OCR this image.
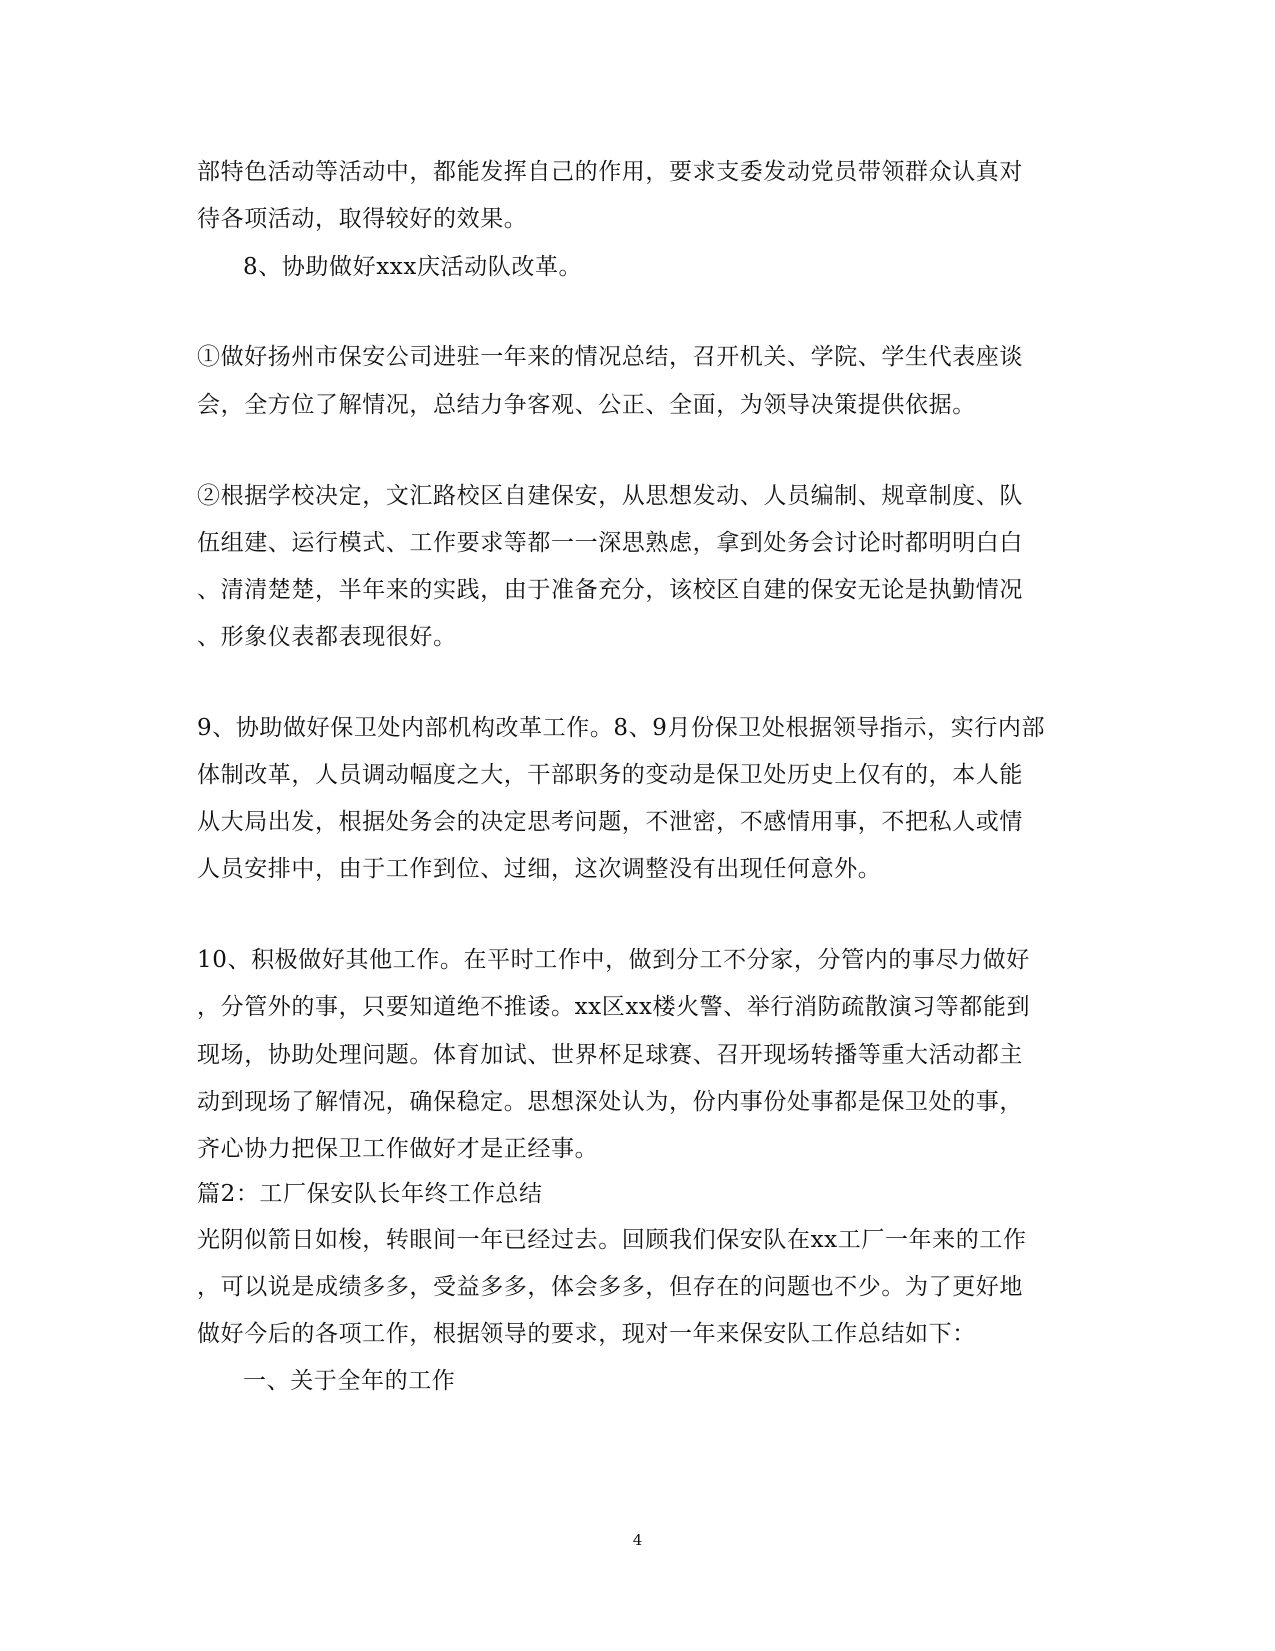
部特色活动等活动中，都能发挥自己的作用，要求支委发动党员带领群众认真对
待各项活动，取得较好的效果。
8、协助做好xxx庆活动队改革。
①做好扬州市保安公司进驻一年来的情况总结，召开机关、学院、学生代表座谈
会，全方位了解情况，总结力争客观、公正、全面，为领导决策提供依据。
②根据学校决定，文汇路校区自建保安，从思想发动、人员编制、规章制度、队
伍组建、运行模式、工作要求等都一一深思熟虑，拿到处务会讨论时都明明白白
、清清楚楚，半年来的实践，由于准备充分，该校区自建的保安无论是执勤情况
、形象仪表都表现很好。
9、协助做好保卫处内部机构改革工作。8、9月份保卫处根据领导指示，实行内部
体制改革，人员调动幅度之大，干部职务的变动是保卫处历史上仅有的，本人能
从大局出发，根据处务会的决定思考问题，不泄密，不感情用事，不把私人或情
人员安排中，由于工作到位、过细，这次调整没有出现任何意外。
10、积极做好其他工作。在平时工作中，做到分工不分家，分管内的事尽力做好
，分管外的事，只要知道绝不推诿。xx区xx楼火警、举行消防疏散演习等都能到
现场，协助处理问题。体育加试、世界杯足球赛、召开现场转播等重大活动都主
动到现场了解情况，确保稳定。思想深处认为，份内事份处事都是保卫处的事，
齐心协力把保卫工作做好才是正经事。
篇2：工厂保安队长年终工作总结
光阴似箭日如梭，转眼间一年已经过去。回顾我们保安队在xx工厂一年来的工作
，可以说是成绩多多，受益多多，体会多多，但存在的问题也不少。为了更好地
做好今后的各项工作，根据领导的要求，现对一年来保安队工作总结如下：
一、关于全年的工作
4
